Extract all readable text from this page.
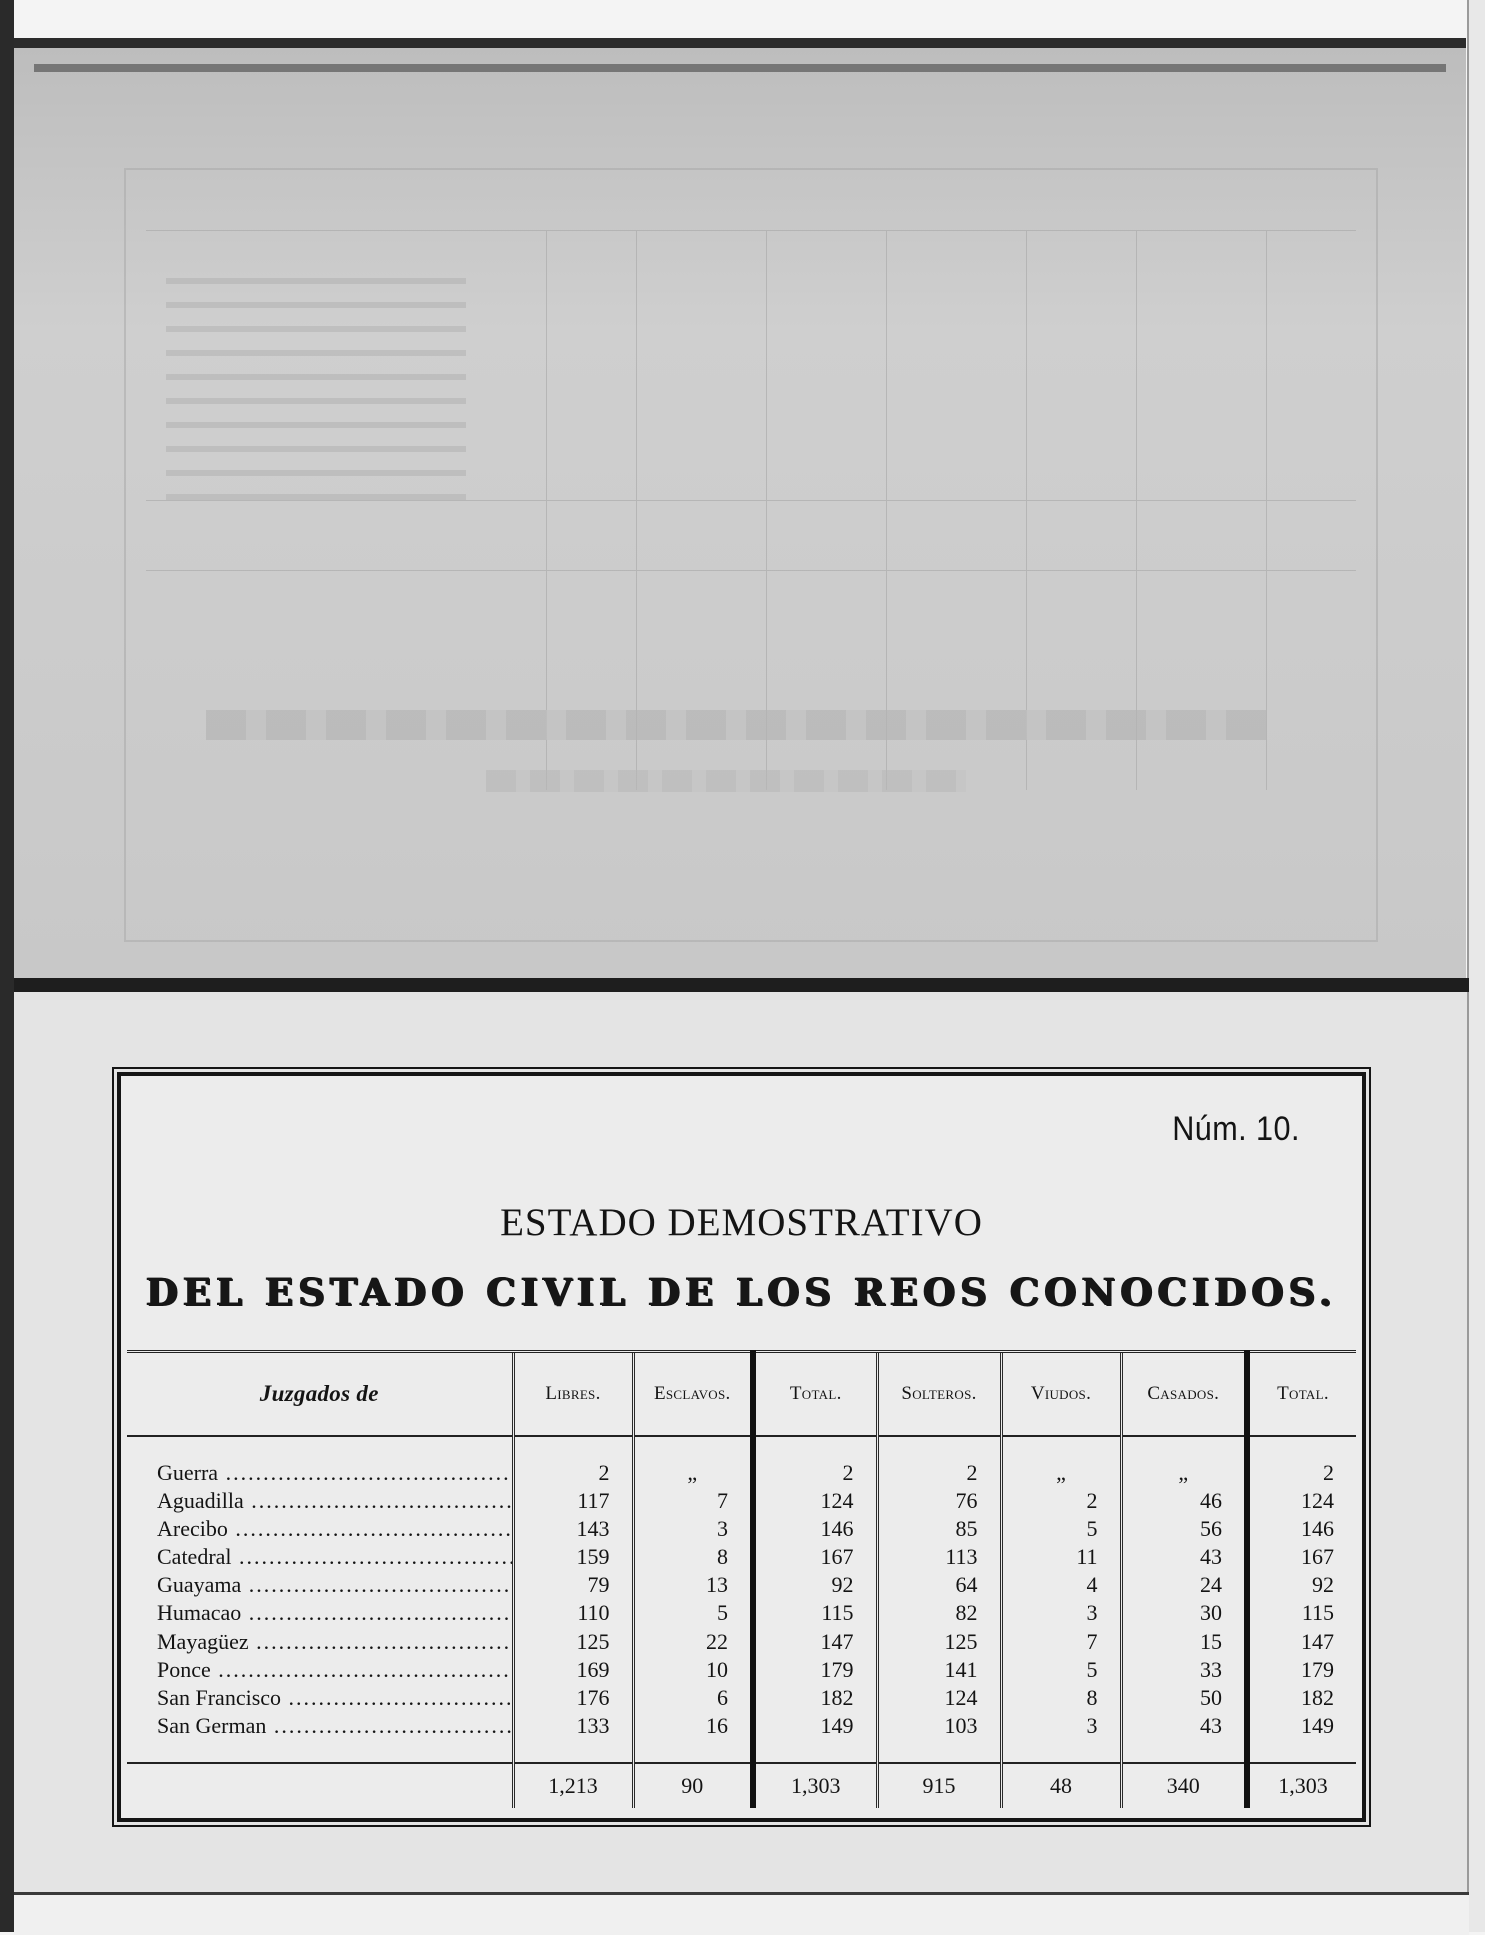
Núm. 10.
ESTADO DEMOSTRATIVO
DEL ESTADO CIVIL DE LOS REOS CONOCIDOS.
Juzgados de	Libres.	Esclavos.	Total.	Solteros.	Viudos.	Casados.	Total.

Guerra .....	2	„	2	2	„	„	2
Aguadilla .....	117	7	124	76	2	46	124
Arecibo .....	143	3	146	85	5	56	146
Catedral .....	159	8	167	113	11	43	167
Guayama .....	79	13	92	64	4	24	92
Humacao .....	110	5	115	82	3	30	115
Mayagüez .....	125	22	147	125	7	15	147
Ponce .....	169	10	179	141	5	33	179
San Francisco .....	176	6	182	124	8	50	182
San German .....	133	16	149	103	3	43	149

	1,213	90	1,303	915	48	340	1,303
